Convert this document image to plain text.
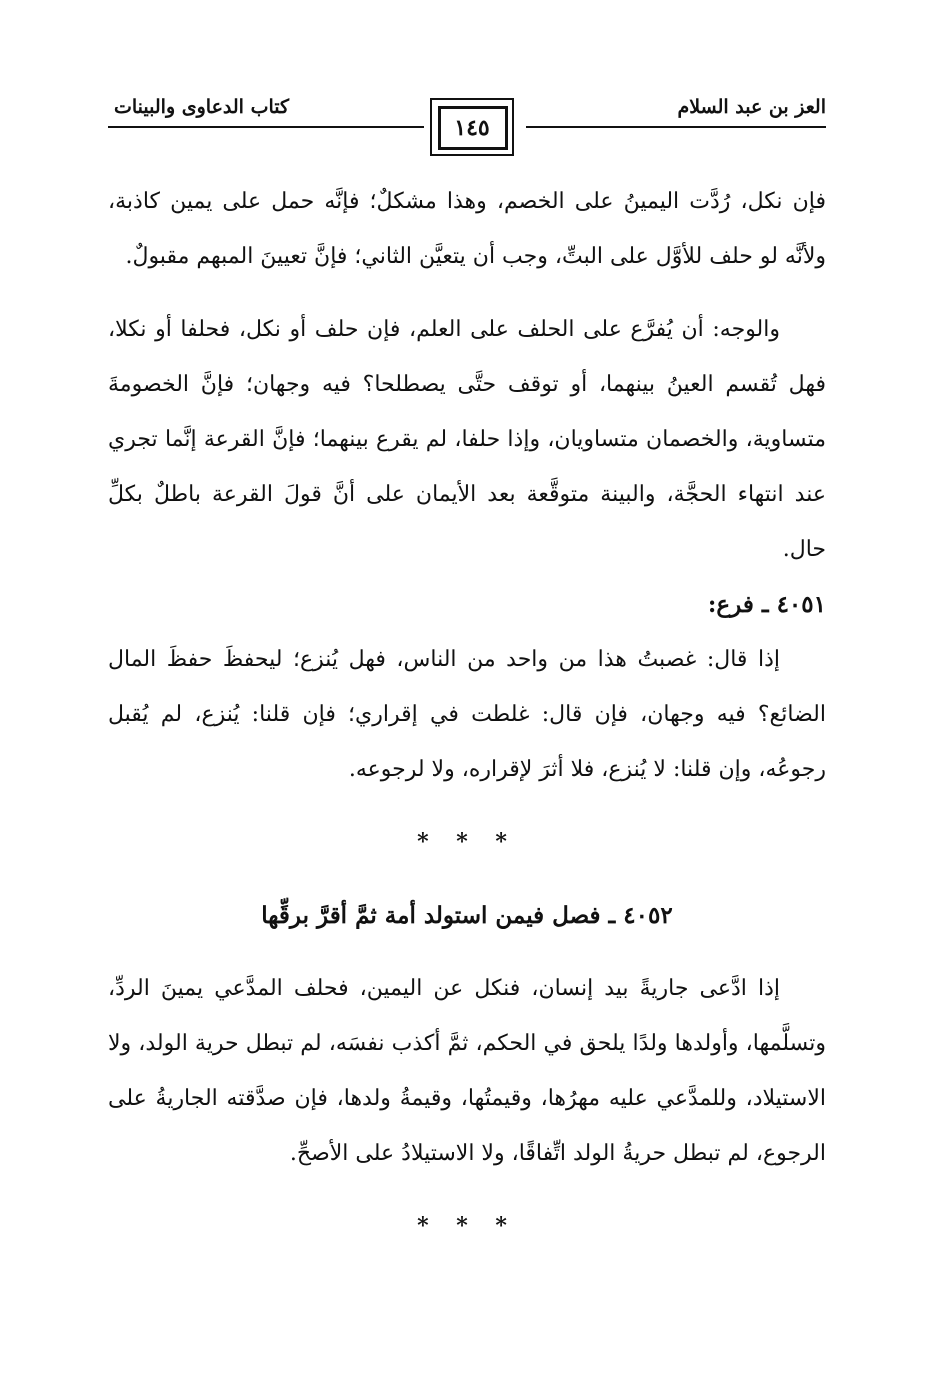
العز بن عبد السلام
كتاب الدعاوى والبينات
١٤٥

فإن نكل، رُدَّت اليمينُ على الخصم، وهذا مشكلٌ؛ فإنَّه حمل على يمين كاذبة، ولأنَّه لو حلف للأوَّل على البتِّ، وجب أن يتعيَّن الثاني؛ فإنَّ تعيينَ المبهم مقبولٌ.

والوجه: أن يُفرَّع على الحلف على العلم، فإن حلف أو نكل، فحلفا أو نكلا، فهل تُقسم العينُ بينهما، أو توقف حتَّى يصطلحا؟ فيه وجهان؛ فإنَّ الخصومةَ متساوية، والخصمان متساويان، وإذا حلفا، لم يقرع بينهما؛ فإنَّ القرعة إنَّما تجري عند انتهاء الحجَّة، والبينة متوقَّعة بعد الأيمان على أنَّ قولَ القرعة باطلٌ بكلِّ حال.

٤٠٥١ ـ فرع:

إذا قال: غصبتُ هذا من واحد من الناس، فهل يُنزع؛ ليحفظَ حفظَ المال الضائع؟ فيه وجهان، فإن قال: غلطت في إقراري؛ فإن قلنا: يُنزع، لم يُقبل رجوعُه، وإن قلنا: لا يُنزع، فلا أثرَ لإقراره، ولا لرجوعه.

* * *

٤٠٥٢ ـ فصل فيمن استولد أمة ثمَّ أقرَّ برقِّها

إذا ادَّعى جاريةً بيد إنسان، فنكل عن اليمين، فحلف المدَّعي يمينَ الردِّ، وتسلَّمها، وأولدها ولدًا يلحق في الحكم، ثمَّ أكذب نفسَه، لم تبطل حرية الولد، ولا الاستيلاد، وللمدَّعي عليه مهرُها، وقيمتُها، وقيمةُ ولدها، فإن صدَّقته الجاريةُ على الرجوع، لم تبطل حريةُ الولد اتِّفاقًا، ولا الاستيلادُ على الأصحِّ.

* * *
